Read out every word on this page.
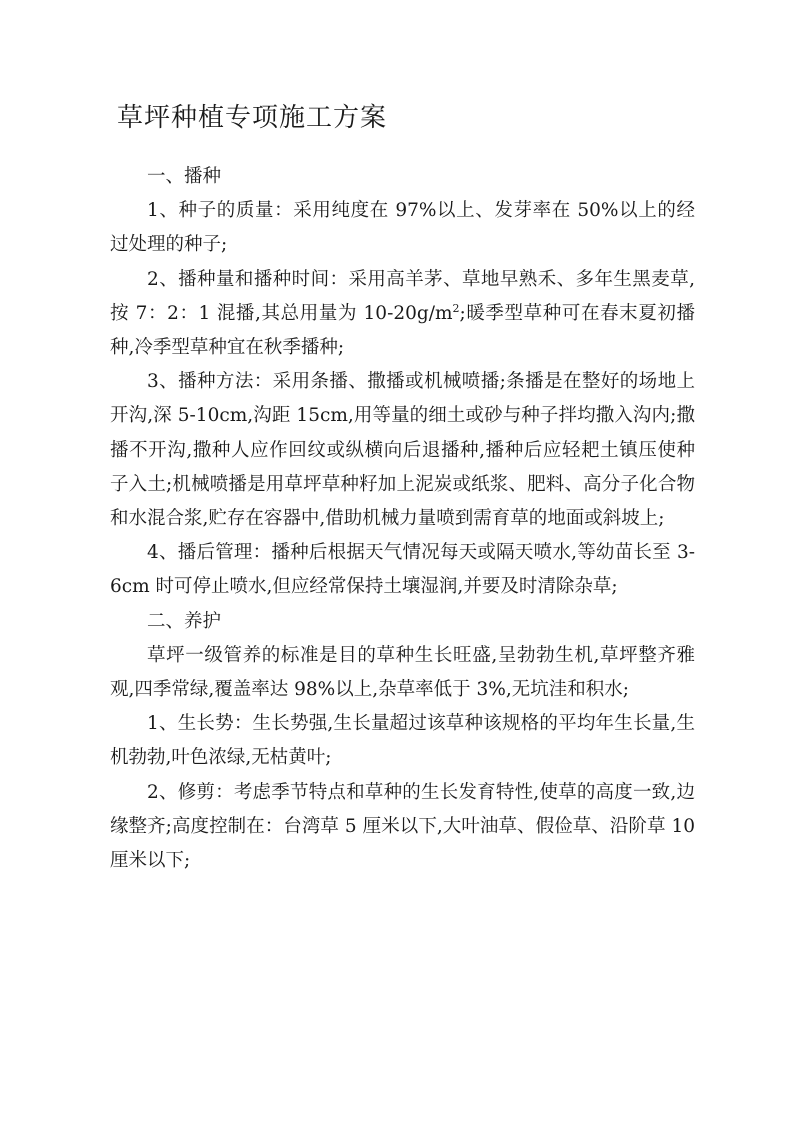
草坪种植专项施工方案

一、播种

1、种子的质量：采用纯度在 97%以上、发芽率在 50%以上的经过处理的种子;

2、播种量和播种时间：采用高羊茅、草地早熟禾、多年生黑麦草,按 7：2：1 混播,其总用量为 $10-20g/m^2$;暖季型草种可在春末夏初播种,冷季型草种宜在秋季播种;

3、播种方法：采用条播、撒播或机械喷播;条播是在整好的场地上开沟,深 5-10cm,沟距 15cm,用等量的细土或砂与种子拌均撒入沟内;撒播不开沟,撒种人应作回纹或纵横向后退播种,播种后应轻耙土镇压使种子入土;机械喷播是用草坪草种籽加上泥炭或纸浆、肥料、高分子化合物和水混合浆,贮存在容器中,借助机械力量喷到需育草的地面或斜坡上;

4、播后管理：播种后根据天气情况每天或隔天喷水,等幼苗长至 3-6cm 时可停止喷水,但应经常保持土壤湿润,并要及时清除杂草;

二、养护

草坪一级管养的标准是目的草种生长旺盛,呈勃勃生机,草坪整齐雅观,四季常绿,覆盖率达 98%以上,杂草率低于 3%,无坑洼和积水;

1、生长势：生长势强,生长量超过该草种该规格的平均年生长量,生机勃勃,叶色浓绿,无枯黄叶;

2、修剪：考虑季节特点和草种的生长发育特性,使草的高度一致,边缘整齐;高度控制在：台湾草 5 厘米以下,大叶油草、假俭草、沿阶草 10 厘米以下;
